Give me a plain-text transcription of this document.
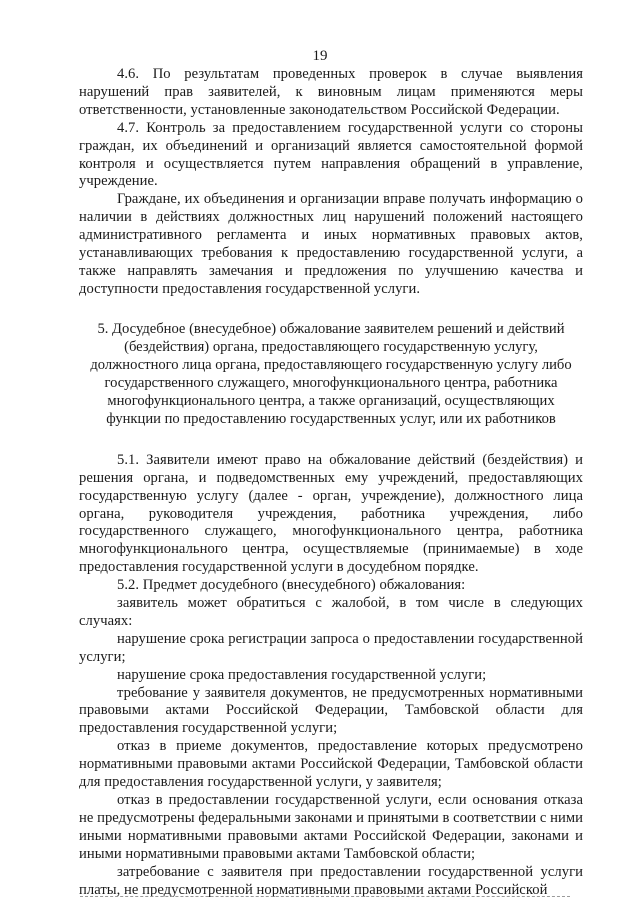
19

4.6. По результатам проведенных проверок в случае выявления нарушений прав заявителей, к виновным лицам применяются меры ответственности, установленные законодательством Российской Федерации.

4.7. Контроль за предоставлением государственной услуги со стороны граждан, их объединений и организаций является самостоятельной формой контроля и осуществляется путем направления обращений в управление, учреждение.

Граждане, их объединения и организации вправе получать информацию о наличии в действиях должностных лиц нарушений положений настоящего административного регламента и иных нормативных правовых актов, устанавливающих требования к предоставлению государственной услуги, а также направлять замечания и предложения по улучшению качества и доступности предоставления государственной услуги.

5. Досудебное (внесудебное) обжалование заявителем решений и действий (бездействия) органа, предоставляющего государственную услугу, должностного лица органа, предоставляющего государственную услугу либо государственного служащего, многофункционального центра, работника многофункционального центра, а также организаций, осуществляющих функции по предоставлению государственных услуг, или их работников

5.1. Заявители имеют право на обжалование действий (бездействия) и решения органа, и подведомственных ему учреждений, предоставляющих государственную услугу (далее - орган, учреждение), должностного лица органа, руководителя учреждения, работника учреждения, либо государственного служащего, многофункционального центра, работника многофункционального центра, осуществляемые (принимаемые) в ходе предоставления государственной услуги в досудебном порядке.

5.2. Предмет досудебного (внесудебного) обжалования:

заявитель может обратиться с жалобой, в том числе в следующих случаях:

нарушение срока регистрации запроса о предоставлении государственной услуги;

нарушение срока предоставления государственной услуги;

требование у заявителя документов, не предусмотренных нормативными правовыми актами Российской Федерации, Тамбовской области для предоставления государственной услуги;

отказ в приеме документов, предоставление которых предусмотрено нормативными правовыми актами Российской Федерации, Тамбовской области для предоставления государственной услуги, у заявителя;

отказ в предоставлении государственной услуги, если основания отказа не предусмотрены федеральными законами и принятыми в соответствии с ними иными нормативными правовыми актами Российской Федерации, законами и иными нормативными правовыми актами Тамбовской области;

затребование с заявителя при предоставлении государственной услуги платы, не предусмотренной нормативными правовыми актами Российской
